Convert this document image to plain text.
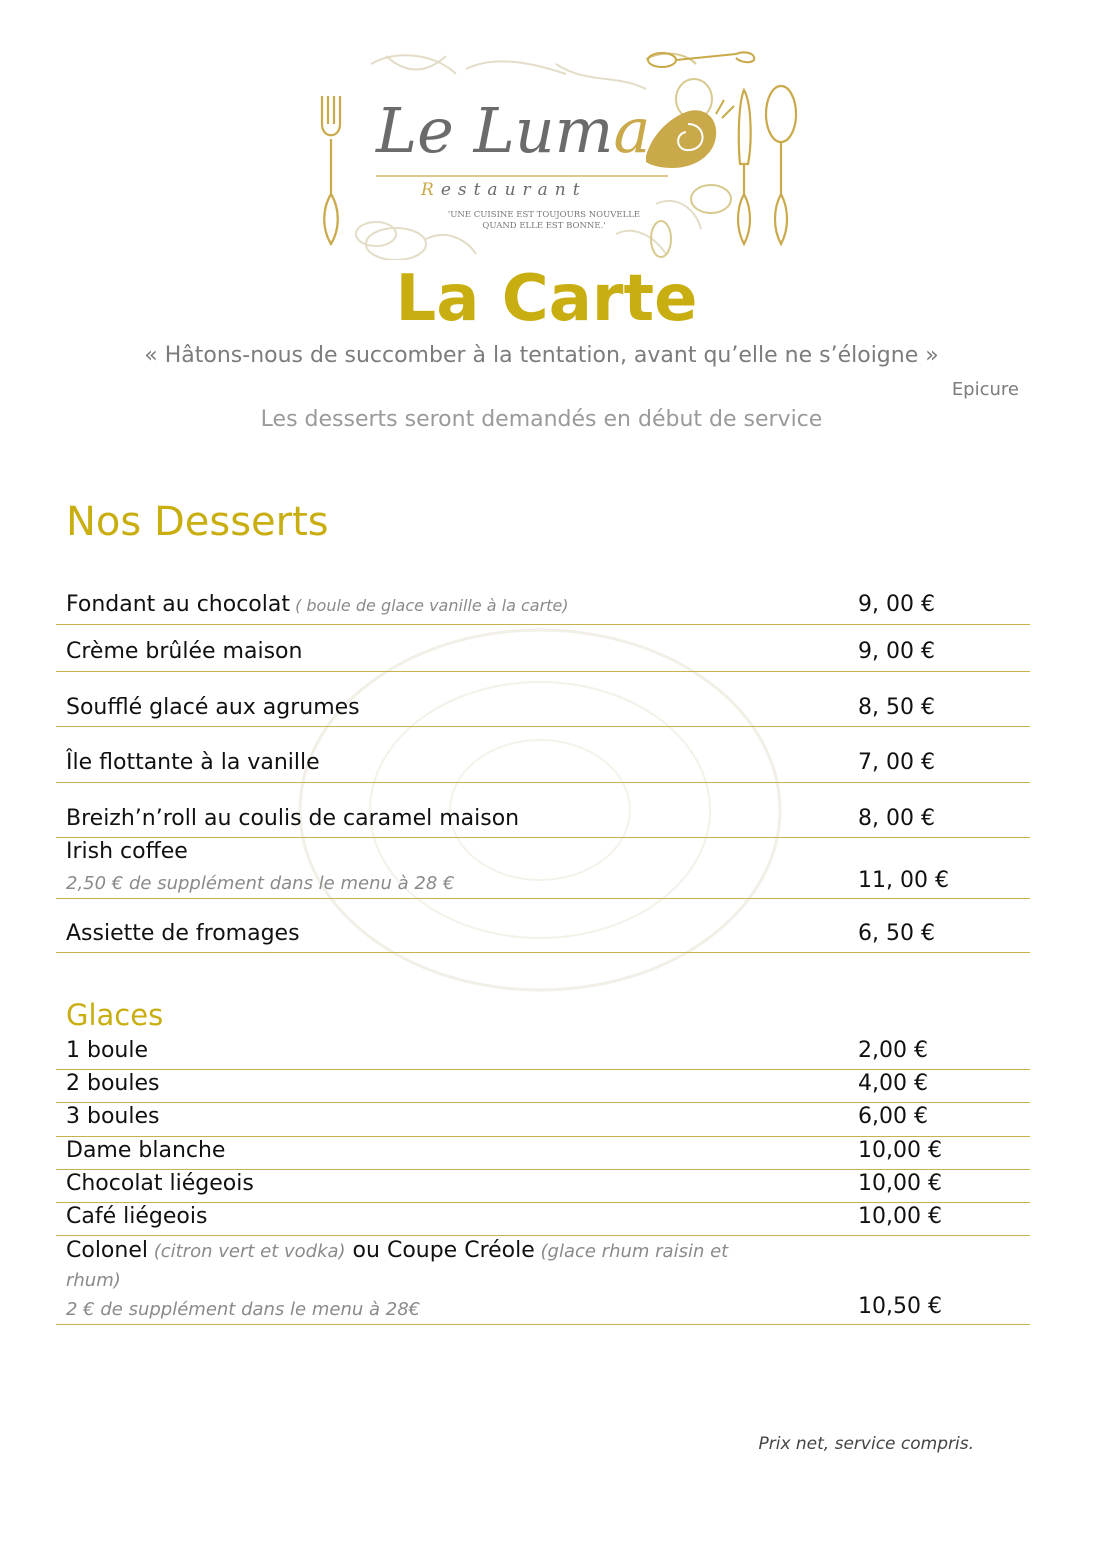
Le Luma
Restaurant
'UNE CUISINE EST TOUJOURS NOUVELLE QUAND ELLE EST BONNE.'
La Carte
« Hâtons-nous de succomber à la tentation, avant qu’elle ne s’éloigne »
Epicure
Les desserts seront demandés en début de service
Nos Desserts
Fondant au chocolat ( boule de glace vanille à la carte)	9, 00 €
Crème brûlée maison	9, 00 €
Soufflé glacé aux agrumes	8, 50 €
Île flottante à la vanille	7, 00 €
Breizh’n’roll au coulis de caramel maison	8, 00 €
Irish coffee
2,50 € de supplément dans le menu à 28 €	11, 00 €
Assiette de fromages	6, 50 €
Glaces
1 boule	2,00 €
2 boules	4,00 €
3 boules	6,00 €
Dame blanche	10,00 €
Chocolat liégeois	10,00 €
Café liégeois	10,00 €
Colonel (citron vert et vodka) ou Coupe Créole (glace rhum raisin et
rhum)
2 € de supplément dans le menu à 28€	10,50 €
Prix net, service compris.
